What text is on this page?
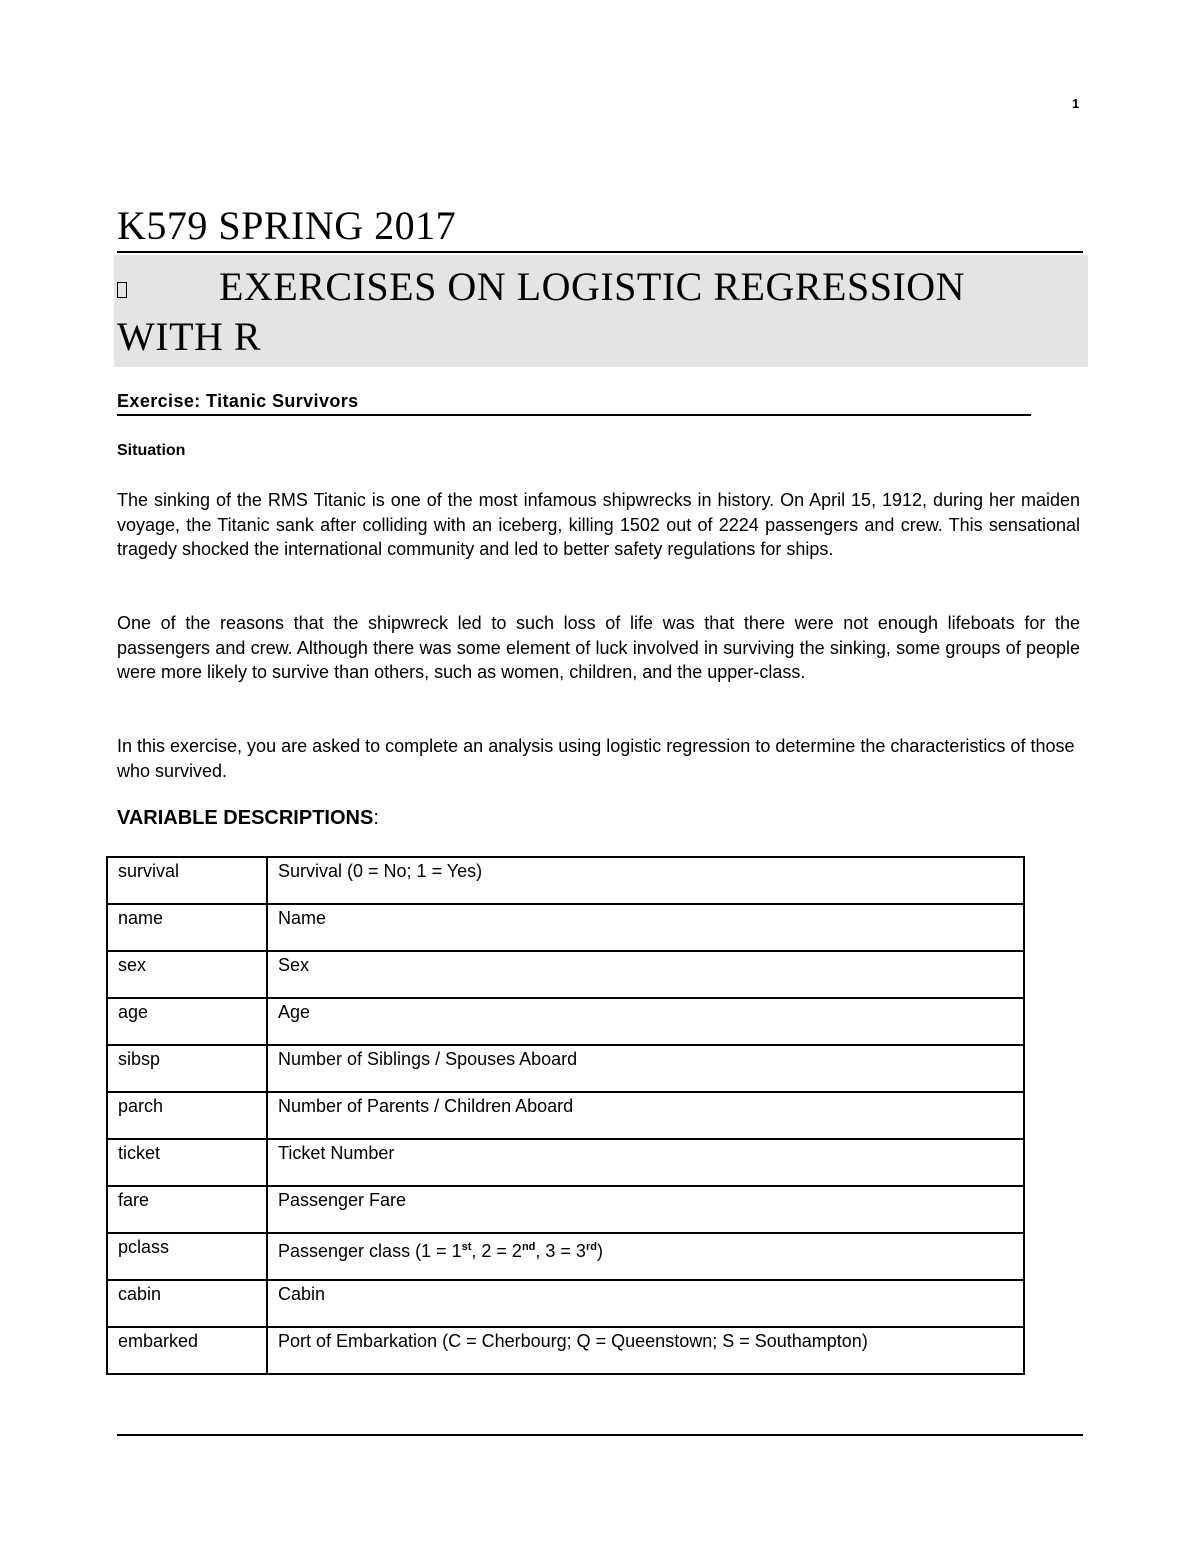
1
K579 SPRING 2017
EXERCISES ON LOGISTIC REGRESSION WITH R
Exercise: Titanic Survivors
Situation
The sinking of the RMS Titanic is one of the most infamous shipwrecks in history. On April 15, 1912, during her maiden voyage, the Titanic sank after colliding with an iceberg, killing 1502 out of 2224 passengers and crew. This sensational tragedy shocked the international community and led to better safety regulations for ships.
One of the reasons that the shipwreck led to such loss of life was that there were not enough lifeboats for the passengers and crew. Although there was some element of luck involved in surviving the sinking, some groups of people were more likely to survive than others, such as women, children, and the upper-class.
In this exercise, you are asked to complete an analysis using logistic regression to determine the characteristics of those who survived.
VARIABLE DESCRIPTIONS:
survival	Survival (0 = No; 1 = Yes)
name	Name
sex	Sex
age	Age
sibsp	Number of Siblings / Spouses Aboard
parch	Number of Parents / Children Aboard
ticket	Ticket Number
fare	Passenger Fare
pclass	Passenger class (1 = 1st, 2 = 2nd, 3 = 3rd)
cabin	Cabin
embarked	Port of Embarkation (C = Cherbourg; Q = Queenstown; S = Southampton)
